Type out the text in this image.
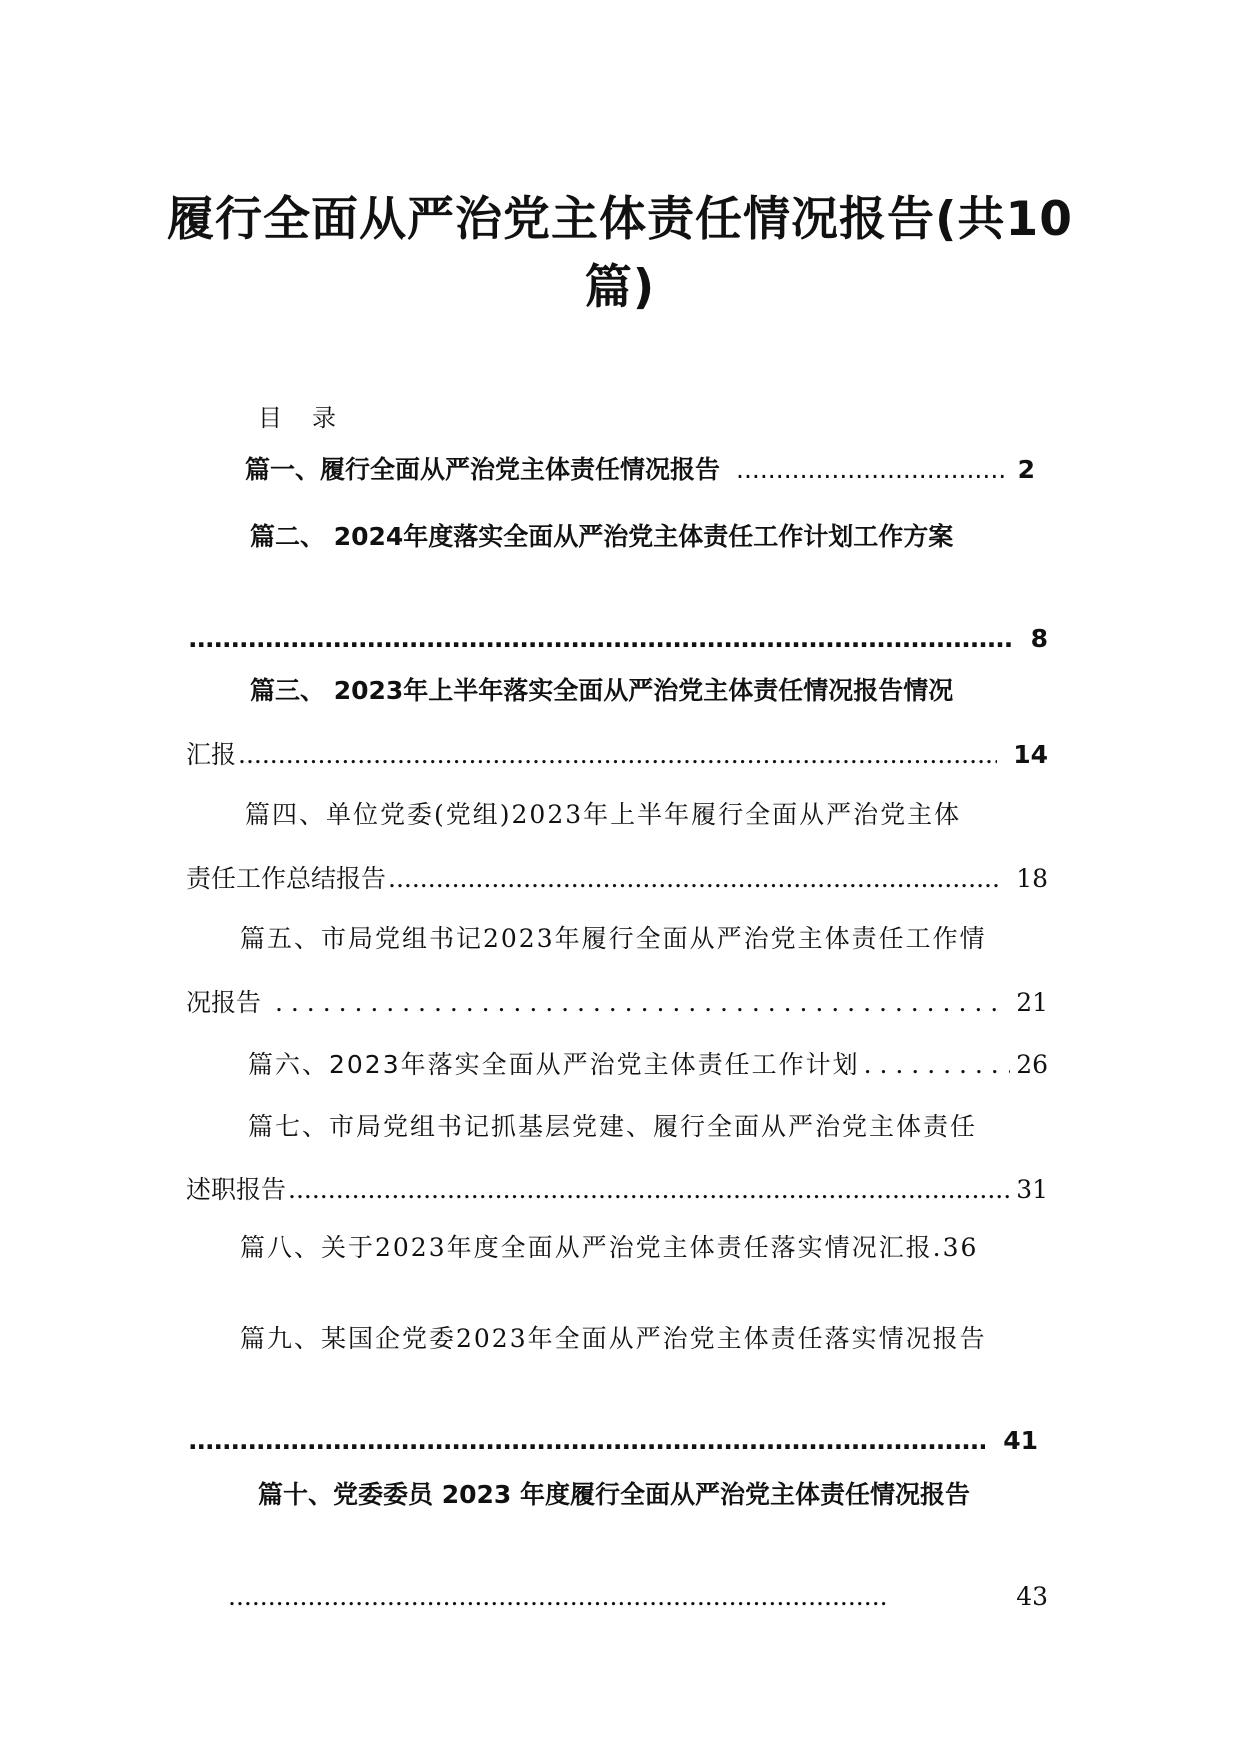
履行全面从严治党主体责任情况报告(共10
篇)
目录
篇一、履行全面从严治党主体责任情况报告 .....	2
篇二、 2024年度落实全面从严治党主体责任工作计划工作方案
.....
8
篇三、 2023年上半年落实全面从严治党主体责任情况报告情况
汇报 .....	14
篇四、单位党委(党组)2023年上半年履行全面从严治党主体
责任工作总结报告 .....	18
篇五、市局党组书记2023年履行全面从严治党主体责任工作情
况报告 . . .	21
篇六、2023年落实全面从严治党主体责任工作计划 . . .	26
篇七、市局党组书记抓基层党建、履行全面从严治党主体责任
述职报告 .....	31
篇八、关于2023年度全面从严治党主体责任落实情况汇报. 36
篇九、某国企党委2023年全面从严治党主体责任落实情况报告
.....
41
篇十、党委委员 2023 年度履行全面从严治党主体责任情况报告
.....
43
